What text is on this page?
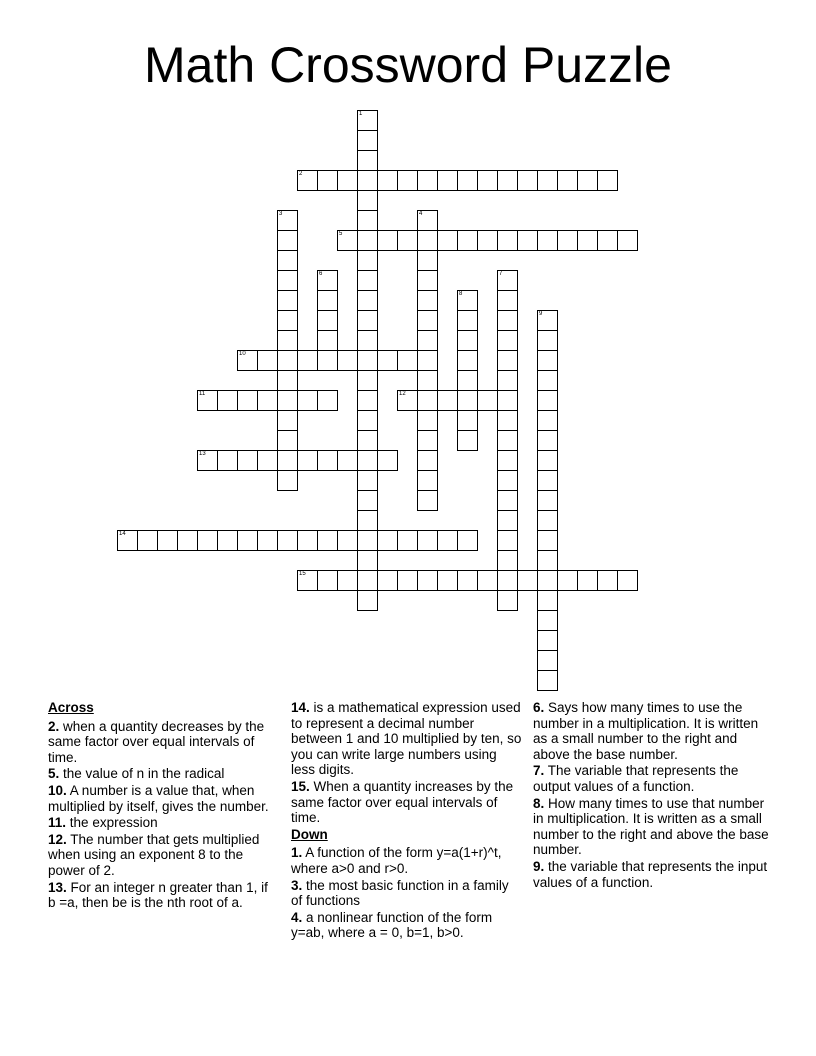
Math Crossword Puzzle
1
2
3	4
5
6	7
8
9
10
11	12
13
14
15
Across
2. when a quantity decreases by the same factor over equal intervals of time.
5. the value of n in the radical
10. A number is a value that, when multiplied by itself, gives the number.
11. the expression
12. The number that gets multiplied when using an exponent 8 to the power of 2.
13. For an integer n greater than 1, if b =a, then be is the nth root of a.
14. is a mathematical expression used to represent a decimal number between 1 and 10 multiplied by ten, so you can write large numbers using less digits.
15. When a quantity increases by the same factor over equal intervals of time.
Down
1. A function of the form y=a(1+r)^t, where a>0 and r>0.
3. the most basic function in a family of functions
4. a nonlinear function of the form y=ab, where a = 0, b=1, b>0.
6. Says how many times to use the number in a multiplication. It is written as a small number to the right and above the base number.
7. The variable that represents the output values of a function.
8. How many times to use that number in multiplication. It is written as a small number to the right and above the base number.
9. the variable that represents the input values of a function.
